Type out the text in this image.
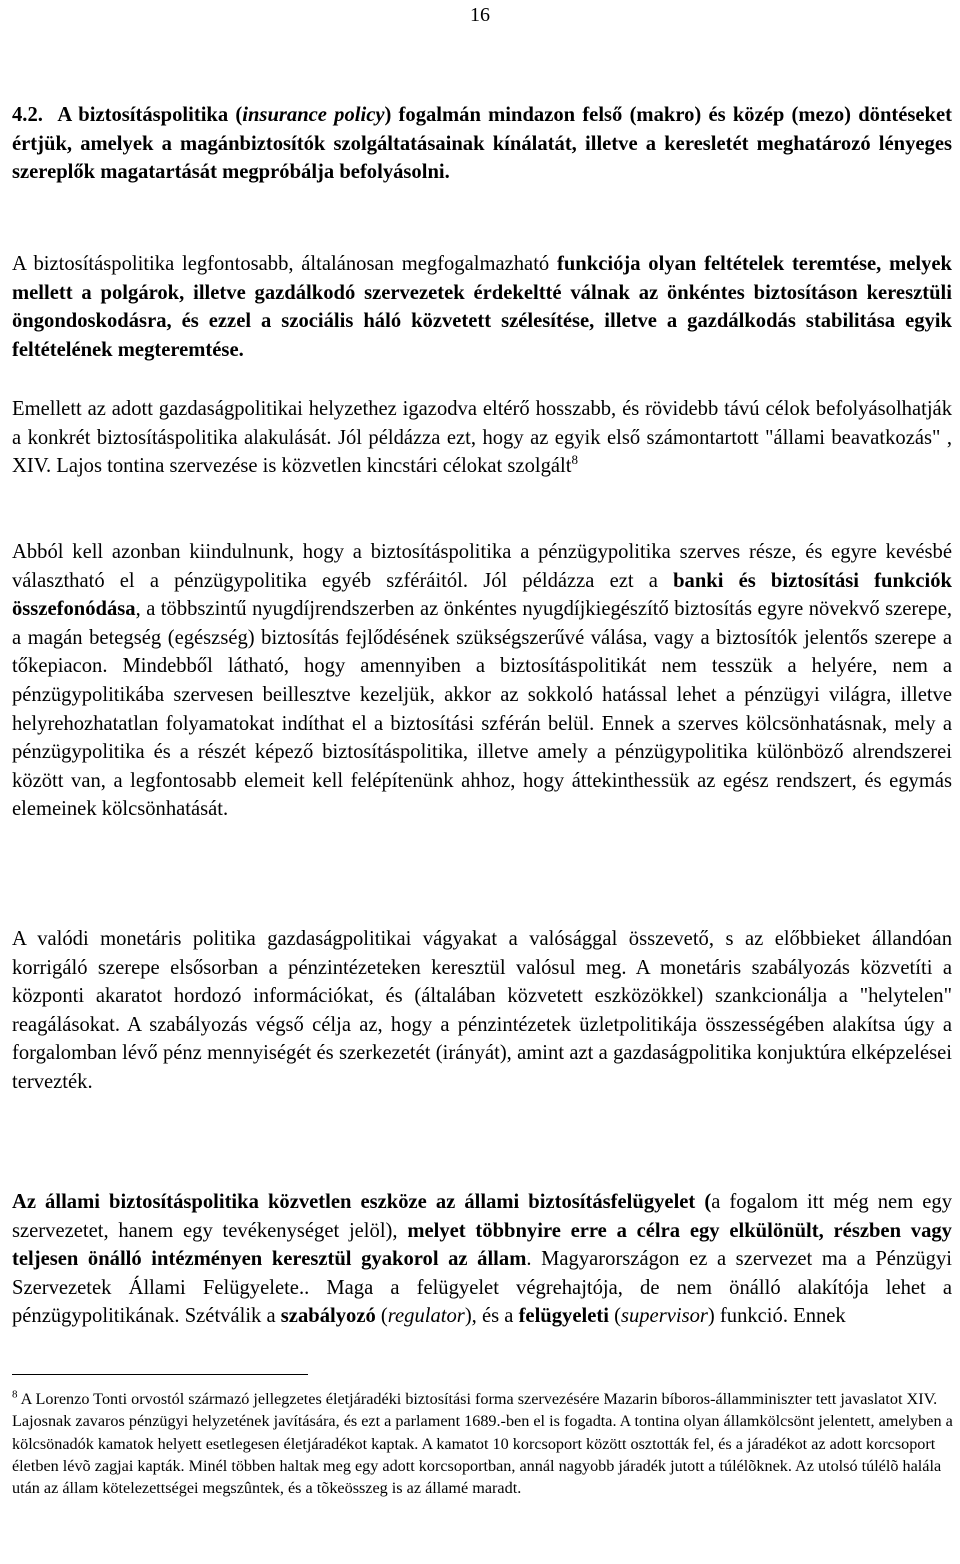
16

4.2. A biztosításpolitika (insurance policy) fogalmán mindazon felső (makro) és közép (mezo) döntéseket értjük, amelyek a magánbiztosítók szolgáltatásainak kínálatát, illetve a keresletét meghatározó lényeges szereplők magatartását megpróbálja befolyásolni.

A biztosításpolitika legfontosabb, általánosan megfogalmazható funkciója olyan feltételek teremtése, melyek mellett a polgárok, illetve gazdálkodó szervezetek érdekeltté válnak az önkéntes biztosításon keresztüli öngondoskodásra, és ezzel a szociális háló közvetett szélesítése, illetve a gazdálkodás stabilitása egyik feltételének megteremtése.

Emellett az adott gazdaságpolitikai helyzethez igazodva eltérő hosszabb, és rövidebb távú célok befolyásolhatják a konkrét biztosításpolitika alakulását. Jól példázza ezt, hogy az egyik első számontartott "állami beavatkozás" , XIV. Lajos tontina szervezése is közvetlen kincstári célokat szolgált$^8$

Abból kell azonban kiindulnunk, hogy a biztosításpolitika a pénzügypolitika szerves része, és egyre kevésbé választható el a pénzügypolitika egyéb szféráitól. Jól példázza ezt a banki és biztosítási funkciók összefonódása, a többszintű nyugdíjrendszerben az önkéntes nyugdíjkiegészítő biztosítás egyre növekvő szerepe, a magán betegség (egészség) biztosítás fejlődésének szükségszerűvé válása, vagy a biztosítók jelentős szerepe a tőkepiacon. Mindebből látható, hogy amennyiben a biztosításpolitikát nem tesszük a helyére, nem a pénzügypolitikába szervesen beillesztve kezeljük, akkor az sokkoló hatással lehet a pénzügyi világra, illetve helyrehozhatatlan folyamatokat indíthat el a biztosítási szférán belül. Ennek a szerves kölcsönhatásnak, mely a pénzügypolitika és a részét képező biztosításpolitika, illetve amely a pénzügypolitika különböző alrendszerei között van, a legfontosabb elemeit kell felépítenünk ahhoz, hogy áttekinthessük az egész rendszert, és egymás elemeinek kölcsönhatását.

A valódi monetáris politika gazdaságpolitikai vágyakat a valósággal összevető, s az előbbieket állandóan korrigáló szerepe elsősorban a pénzintézeteken keresztül valósul meg. A monetáris szabályozás közvetíti a központi akaratot hordozó információkat, és (általában közvetett eszközökkel) szankcionálja a "helytelen" reagálásokat. A szabályozás végső célja az, hogy a pénzintézetek üzletpolitikája összességében alakítsa úgy a forgalomban lévő pénz mennyiségét és szerkezetét (irányát), amint azt a gazdaságpolitika konjuktúra elképzelései tervezték.

Az állami biztosításpolitika közvetlen eszköze az állami biztosításfelügyelet (a fogalom itt még nem egy szervezetet, hanem egy tevékenységet jelöl), melyet többnyire erre a célra egy elkülönült, részben vagy teljesen önálló intézményen keresztül gyakorol az állam. Magyarországon ez a szervezet ma a Pénzügyi Szervezetek Állami Felügyelete.. Maga a felügyelet végrehajtója, de nem önálló alakítója lehet a pénzügypolitikának. Szétválik a szabályozó (regulator), és a felügyeleti (supervisor) funkció. Ennek

$^8$ A Lorenzo Tonti orvostól származó jellegzetes életjáradéki biztosítási forma szervezésére Mazarin bíboros-államminiszter tett javaslatot XIV. Lajosnak zavaros pénzügyi helyzetének javítására, és ezt a parlament 1689.-ben el is fogadta. A tontina olyan államkölcsönt jelentett, amelyben a kölcsönadók kamatok helyett esetlegesen életjáradékot kaptak. A kamatot 10 korcsoport között osztották fel, és a járadékot az adott korcsoport életben lévõ zagjai kapták. Minél többen haltak meg egy adott korcsoportban, annál nagyobb járadék jutott a túlélõknek. Az utolsó túlélõ halála után az állam kötelezettségei megszûntek, és a tõkeösszeg is az államé maradt.
